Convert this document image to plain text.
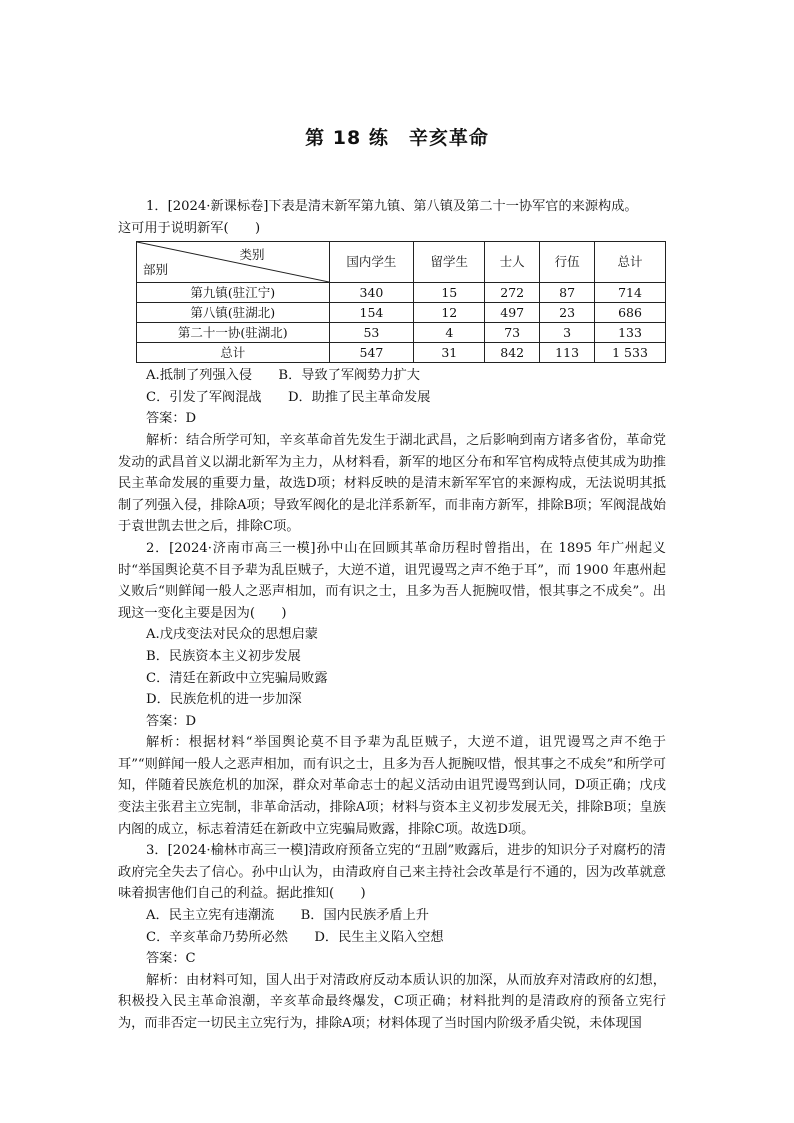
第 18 练　辛亥革命

1．[2024·新课标卷]下表是清末新军第九镇、第八镇及第二十一协军官的来源构成。

这可用于说明新军(　　)

类别
部别	国内学生	留学生	士人	行伍	总计
第九镇(驻江宁)	340	15	272	87	714
第八镇(驻湖北)	154	12	497	23	686
第二十一协(驻湖北)	53	4	73	3	133
总计	547	31	842	113	1 533

A.抵制了列强入侵　　B．导致了军阀势力扩大

C．引发了军阀混战　　D．助推了民主革命发展

答案：D

解析：结合所学可知，辛亥革命首先发生于湖北武昌，之后影响到南方诸多省份，革命党发动的武昌首义以湖北新军为主力，从材料看，新军的地区分布和军官构成特点使其成为助推民主革命发展的重要力量，故选D项；材料反映的是清末新军军官的来源构成，无法说明其抵制了列强入侵，排除A项；导致军阀化的是北洋系新军，而非南方新军，排除B项；军阀混战始于袁世凯去世之后，排除C项。

2．[2024·济南市高三一模]孙中山在回顾其革命历程时曾指出，在 1895 年广州起义时“举国舆论莫不目予辈为乱臣贼子，大逆不道，诅咒谩骂之声不绝于耳”，而 1900 年惠州起义败后“则鲜闻一般人之恶声相加，而有识之士，且多为吾人扼腕叹惜，恨其事之不成矣”。出现这一变化主要是因为(　　)

A.戊戌变法对民众的思想启蒙

B．民族资本主义初步发展

C．清廷在新政中立宪骗局败露

D．民族危机的进一步加深

答案：D

解析：根据材料“举国舆论莫不目予辈为乱臣贼子，大逆不道，诅咒谩骂之声不绝于耳”“则鲜闻一般人之恶声相加，而有识之士，且多为吾人扼腕叹惜，恨其事之不成矣”和所学可知，伴随着民族危机的加深，群众对革命志士的起义活动由诅咒谩骂到认同，D项正确；戊戌变法主张君主立宪制，非革命活动，排除A项；材料与资本主义初步发展无关，排除B项；皇族内阁的成立，标志着清廷在新政中立宪骗局败露，排除C项。故选D项。

3．[2024·榆林市高三一模]清政府预备立宪的“丑剧”败露后，进步的知识分子对腐朽的清政府完全失去了信心。孙中山认为，由清政府自己来主持社会改革是行不通的，因为改革就意味着损害他们自己的利益。据此推知(　　)

A．民主立宪有违潮流　　B．国内民族矛盾上升

C．辛亥革命乃势所必然　　D．民生主义陷入空想

答案：C

解析：由材料可知，国人出于对清政府反动本质认识的加深，从而放弃对清政府的幻想，积极投入民主革命浪潮，辛亥革命最终爆发，C项正确；材料批判的是清政府的预备立宪行为，而非否定一切民主立宪行为，排除A项；材料体现了当时国内阶级矛盾尖锐，未体现国
